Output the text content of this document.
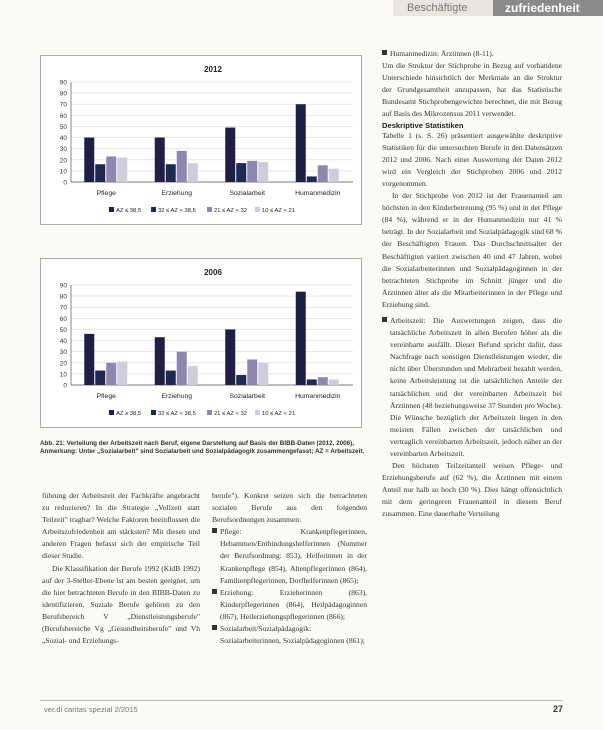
Beschäftigte	zufriedenheit
2012
0
10
20
30
40
50
60
70
80
90
Pflege	Erziehung	Sozialarbeit	Humanmedizin
AZ ≤ 38,5	32 ≤ AZ < 38,5	21 ≤ AZ < 32	10 ≤ AZ < 21
2006
0
10
20
30
40
50
60
70
80
90
Pflege	Erziehung	Sozialarbeit	Humanmedizin
AZ ≥ 38,5	32 ≤ AZ < 38,5	21 ≤ AZ < 32	10 ≤ AZ < 21
Abb. 21: Verteilung der Arbeitszeit nach Beruf, eigene Darstellung auf Basis der BIBB-Daten (2012, 2006), Anmerkung: Unter „Sozialarbeit" sind Sozialarbeit und Sozialpädagogik zusammengefasst; AZ = Arbeitszeit.

führung der Arbeitszeit der Fachkräfte angebracht zu reduzieren? In die Strategie „Vollzeit statt Teilzeit" tragbar? Welche Faktoren beeinflussen die Arbeitszufriedenheit am stärksten? Mit diesen und anderen Fragen befasst sich der empirische Teil dieser Studie.

Die Klassifikation der Berufe 1992 (KldB 1992) auf der 3-Steller-Ebene ist am besten geeignet, um die hier betrachteten Berufe in den BIBB-Daten zu identifizieren. Soziale Berufe gehören zu den Berufsbereich V „Dienstleistungsberufe" (Berufsbereiche Vg „Gesundheitsberufe" und Vh „Sozial- und Erziehungs-

berufe"). Konkret setzen sich die betrachteten sozialen Berufe aus den folgenden Berufsordnungen zusammen:

Pflege: Krankenpflegerinnen, Hebammen/Entbindungshelferinnen (Nummer der Berufsordnung: 853), Helferinnen in der Krankenpflege (854), Altenpflegerinnen (864), Familienpflegerinnen, Dorfhelferinnen (865);

Erziehung: Erzieherinnen (863), Kinderpflegerinnen (864), Heilpädagoginnen (867), Heilerziehungspflegerinnen (866);

Sozialarbeit/Sozialpädagogik: Sozialarbeiterinnen, Sozialpädagoginnen (861);

Humanmedizin: Ärztinnen (8-11).

Um die Struktur der Stichprobe in Bezug auf vorhandene Unterschiede hinsichtlich der Merkmale an die Struktur der Grundgesamtheit anzupassen, hat das Statistische Bundesamt Stichprobengewichte berechnet, die mit Bezug auf Basis des Mikrozensus 2011 verwendet.

Deskriptive Statistiken

Tabelle 1 (s. S. 26) präsentiert ausgewählte deskriptive Statistiken für die untersuchten Berufe in den Datensätzen 2012 und 2006. Nach einer Auswertung der Daten 2012 wird ein Vergleich der Stichproben 2006 und 2012 vorgenommen.

In der Stichprobe von 2012 ist der Frauenanteil am höchsten in den Kinderbetreuung (95 %) und in der Pflege (84 %), während er in der Humanmedizin nur 41 % beträgt. In der Sozialarbeit und Sozialpädagogik sind 68 % der Beschäftigten Frauen. Das Durchschnittsalter der Beschäftigten variiert zwischen 40 und 47 Jahren, wobei die Sozialarbeiterinnen und Sozialpädagoginnen in der betrachteten Stichprobe im Schnitt jünger und die Ärztinnen älter als die Mitarbeiterinnen in der Pflege und Erziehung sind.

Arbeitszeit: Die Auswertungen zeigen, dass die tatsächliche Arbeitszeit in allen Berufen höher als die vereinbarte ausfällt. Dieser Befund spricht dafür, dass Nachfrage nach sonstigen Dienstleistungen wieder, die nicht über Überstunden und Mehrarbeit bezahlt werden, keine Arbeitsleistung ist die tatsächlichen Anteile der tatsächlichen und der vereinbarten Arbeitszeit bei Ärztinnen (48 beziehungsweise 37 Stunden pro Woche). Die Wünsche bezüglich der Arbeitszeit liegen in den meisten Fällen zwischen der tatsächlichen und vertraglich vereinbarten Arbeitszeit, jedoch näher an der vereinbarten Arbeitszeit.

Den höchsten Teilzeitanteil weisen Pflege- und Erziehungsberufe auf (62 %), die Ärztinnen mit einem Anteil nur halb so hoch (30 %). Dies hängt offensichtlich mit dem geringeren Frauenanteil in diesem Beruf zusammen. Eine dauerhafte Verteilung

ver.di caritas spezial 2/2015	27
